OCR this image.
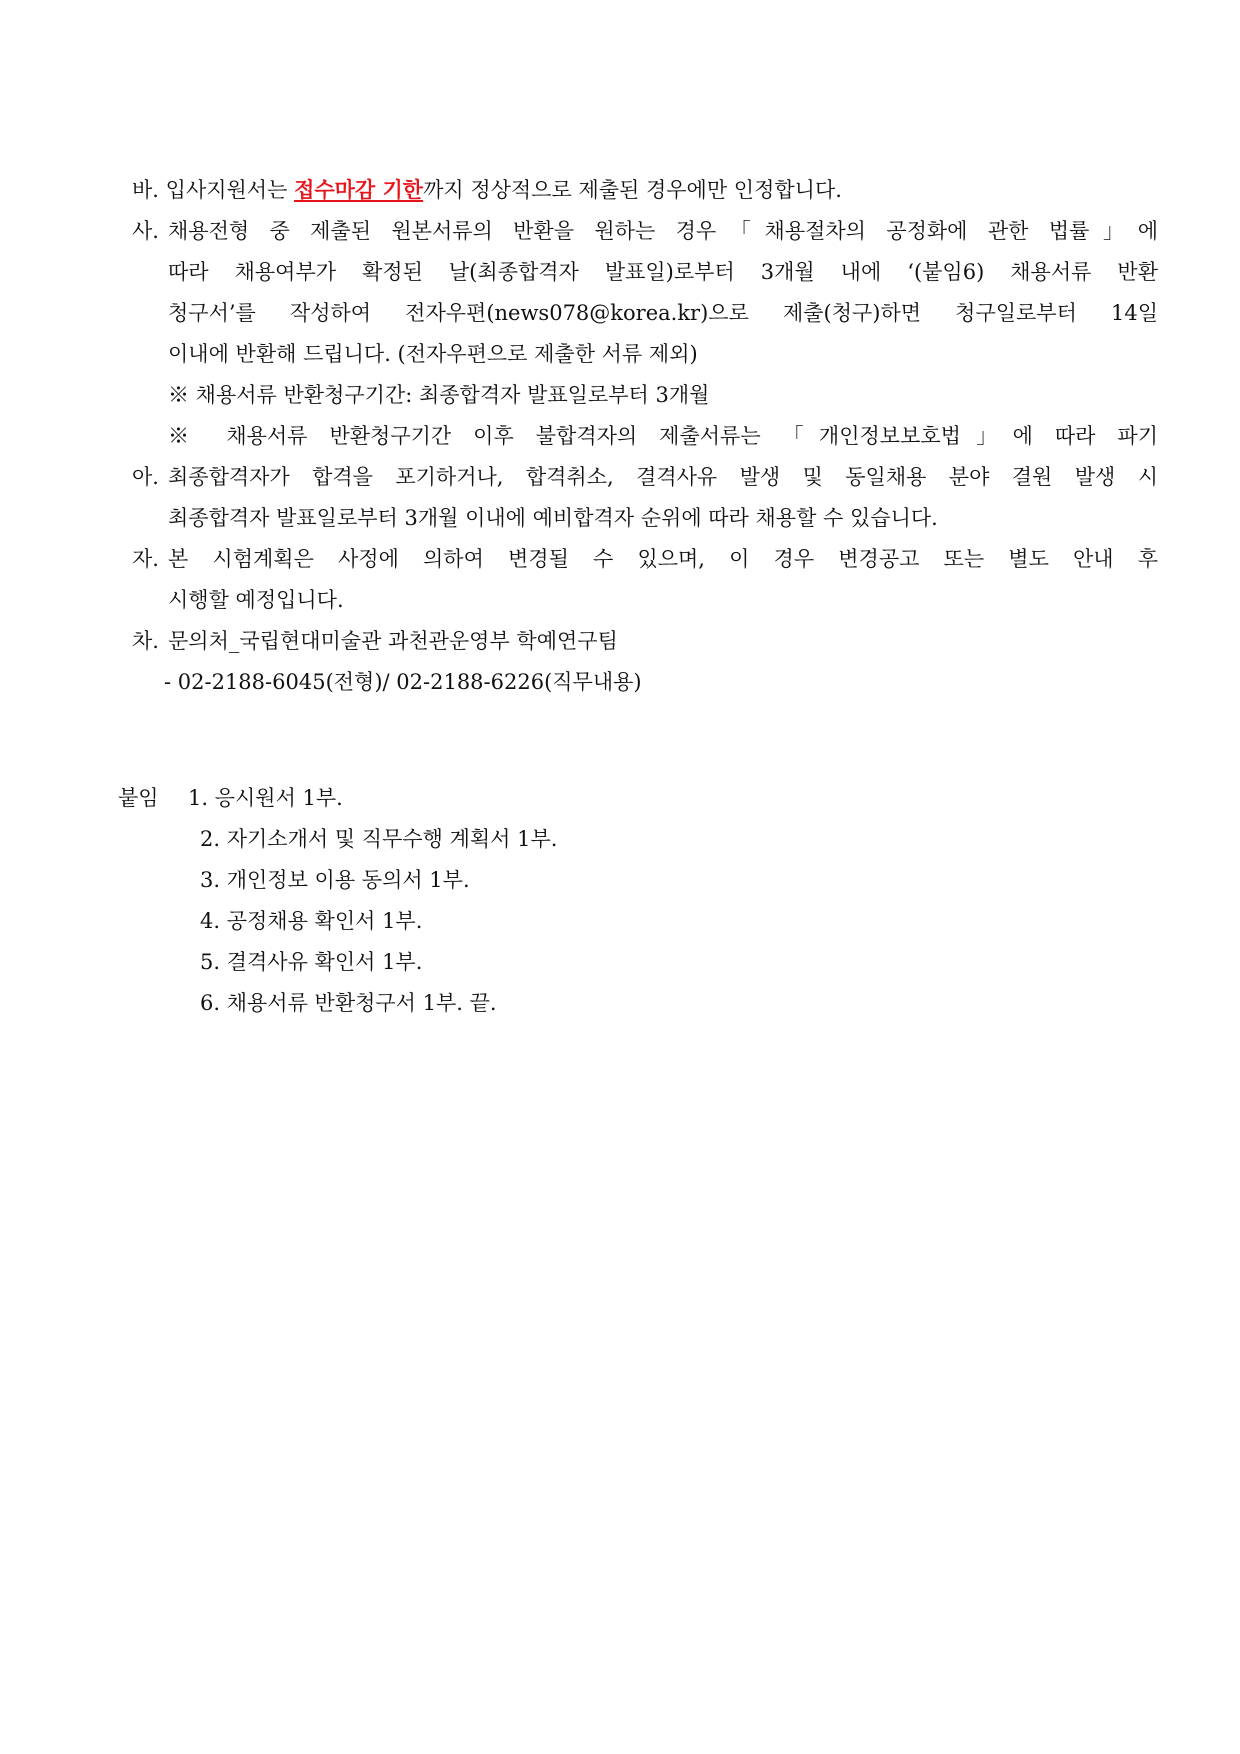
바. 입사지원서는 접수마감 기한까지 정상적으로 제출된 경우에만 인정합니다.
사. 채용전형 중 제출된 원본서류의 반환을 원하는 경우「채용절차의 공정화에 관한 법률」에
따라 채용여부가 확정된 날(최종합격자 발표일)로부터 3개월 내에 ‘(붙임6) 채용서류 반환
청구서’를 작성하여 전자우편(news078@korea.kr)으로 제출(청구)하면 청구일로부터 14일
이내에 반환해 드립니다. (전자우편으로 제출한 서류 제외)
※ 채용서류 반환청구기간: 최종합격자 발표일로부터 3개월
※ 채용서류 반환청구기간 이후 불합격자의 제출서류는 「개인정보보호법」에 따라 파기
아. 최종합격자가 합격을 포기하거나, 합격취소, 결격사유 발생 및 동일채용 분야 결원 발생 시
최종합격자 발표일로부터 3개월 이내에 예비합격자 순위에 따라 채용할 수 있습니다.
자. 본 시험계획은 사정에 의하여 변경될 수 있으며, 이 경우 변경공고 또는 별도 안내 후
시행할 예정입니다.
차. 문의처_국립현대미술관 과천관운영부 학예연구팀
- 02-2188-6045(전형)/ 02-2188-6226(직무내용)
붙임 1. 응시원서 1부.
2. 자기소개서 및 직무수행 계획서 1부.
3. 개인정보 이용 동의서 1부.
4. 공정채용 확인서 1부.
5. 결격사유 확인서 1부.
6. 채용서류 반환청구서 1부. 끝.
